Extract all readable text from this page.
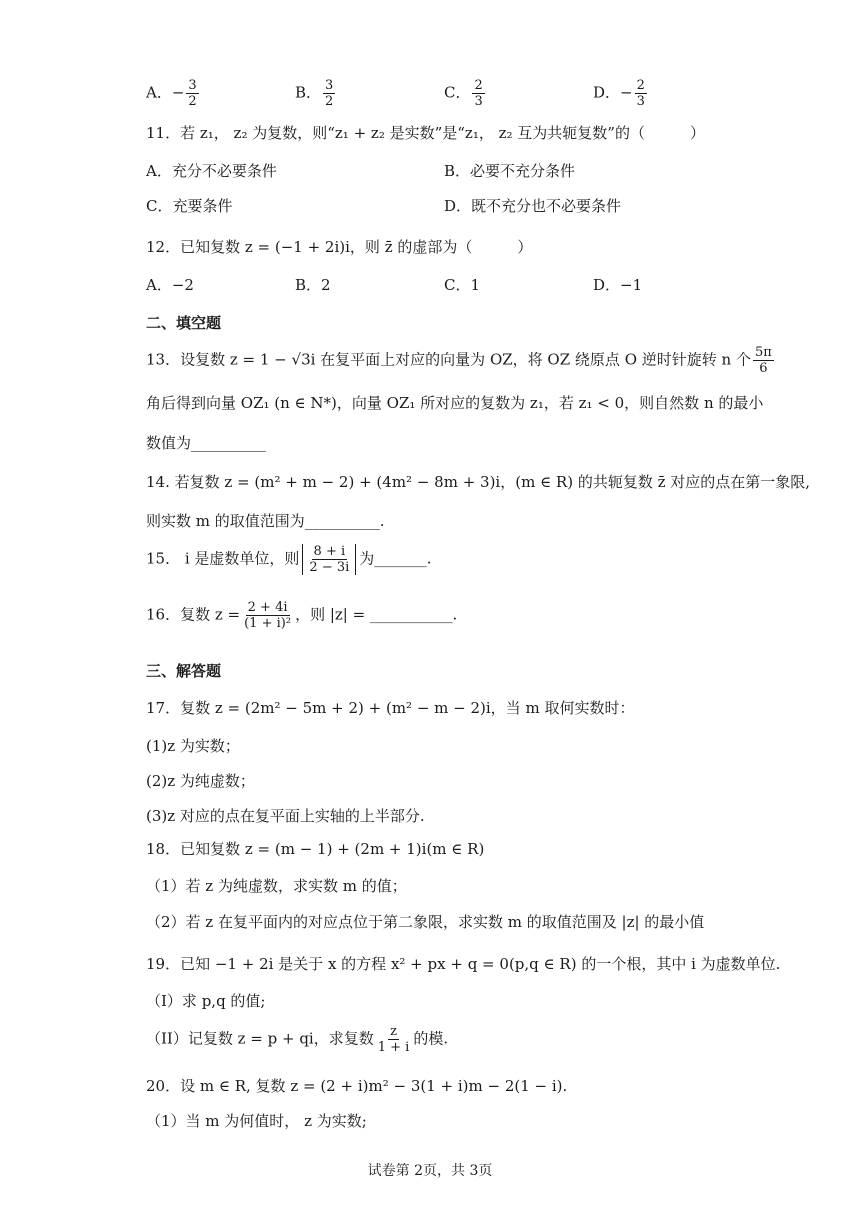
A．− $\frac{3}{2}$	B． $\frac{3}{2}$	C． $\frac{2}{3}$	D．− $\frac{2}{3}$
11．若 z₁， z₂ 为复数，则“z₁ + z₂ 是实数”是“z₁， z₂ 互为共轭复数”的（　　　）
A．充分不必要条件	B．必要不充分条件
C．充要条件	D．既不充分也不必要条件
12．已知复数 z = (−1 + 2i)i，则 z̄ 的虚部为（　　　）
A．−2	B．2	C．1	D．−1
二、填空题
13．设复数 z = 1 − √3i 在复平面上对应的向量为 OZ，将 OZ 绕原点 O 逆时针旋转 n 个 $\frac{5\pi}{6}$
角后得到向量 OZ₁ (n ∈ N*)，向量 OZ₁ 所对应的复数为 z₁，若 z₁ < 0，则自然数 n 的最小
数值为__________
14. 若复数 z = (m² + m − 2) + (4m² − 8m + 3)i，(m ∈ R) 的共轭复数 z̄ 对应的点在第一象限,
则实数 m 的取值范围为__________.
15． i 是虚数单位，则 $\frac{8 + i}{2 - 3i}$ 为_______.
16．复数 $z = \frac{2 + 4i}{\text{(1 + i)²}}$ ，则 |z| = ___________.
三、解答题
17．复数 z = (2m² − 5m + 2) + (m² − m − 2)i，当 m 取何实数时：
(1)z 为实数；
(2)z 为纯虚数；
(3)z 对应的点在复平面上实轴的上半部分.
18．已知复数 z = (m − 1) + (2m + 1)i(m ∈ R)
（1）若 z 为纯虚数，求实数 m 的值；
（2）若 z 在复平面内的对应点位于第二象限，求实数 m 的取值范围及 |z| 的最小值
19．已知 −1 + 2i 是关于 x 的方程 x² + px + q = 0(p,q ∈ R) 的一个根，其中 i 为虚数单位.
（I）求 p,q 的值;
（II）记复数 z = p + qi，求复数 $\frac{z}{1 + i}$ 的模.
20．设 m ∈ R, 复数 z = (2 + i)m² − 3(1 + i)m − 2(1 − i).
（1）当 m 为何值时， z 为实数;
试卷第 2页，共 3页
